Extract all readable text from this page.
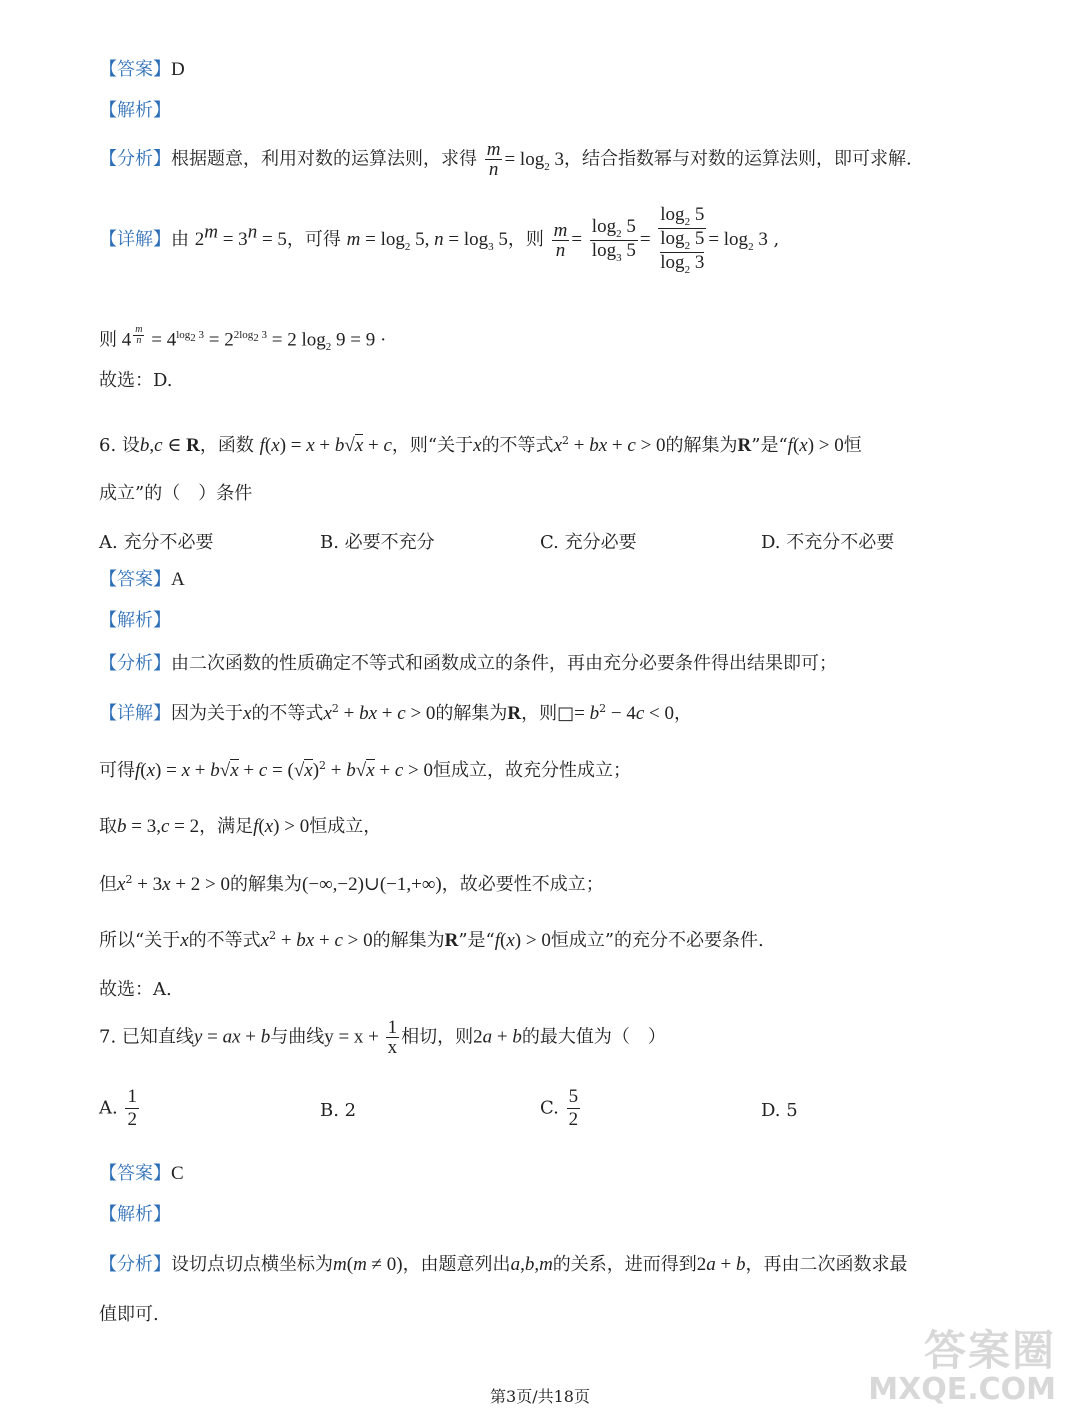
【答案】D
【解析】
【分析】根据题意，利用对数的运算法则，求得 $\frac{m}{n} = \log_2 3$，结合指数幂与对数的运算法则，即可求解.
【详解】由 $2^m = 3^n = 5$，可得 $m = \log_2 5$, $n = \log_3 5$，则 $\frac{m}{n} = \frac{\log_2 5}{\log_3 5} = \frac{\log_2 5}{\frac{\log_2 5}{\log_2 3}} = \log_2 3$ ,
则 4 $^{\frac{m}{n}} = 4^{log_2 3} = 2^{2log_2 3} = 2$ $\log_2 9 = 9$ ·
故选：D.
6. 设b,c ∈ R，函数 f(x) = x + b√x + c，则“关于x的不等式$x^2$ + bx + c > 0的解集为R”是“f(x) > 0恒
成立”的（　）条件
A. 充分不必要	B. 必要不充分	C. 充分必要	D. 不充分不必要
【答案】A
【解析】
【分析】由二次函数的性质确定不等式和函数成立的条件，再由充分必要条件得出结果即可；
【详解】因为关于x的不等式$x^2$ + bx + c > 0的解集为R，则□= $b^2 - 4c < 0$，
可得$f(x) = x + b√x + c = (√x)^2 + b√x + c > 0$恒成立，故充分性成立；
取b = 3,c = 2，满足f(x) > 0恒成立，
但$x^2 + 3x + 2 > 0$的解集为(−∞,−2)∪(−1,+∞)，故必要性不成立；
所以“关于x的不等式$x^2$ + bx + c > 0的解集为R”是“f(x) > 0恒成立”的充分不必要条件.
故选：A.
7. 已知直线y = ax + b与曲线$y = x + \frac{1}{x}$ 相切，则2a + b的最大值为（　）
A. $\frac{1}{2}$	B. 2	C. $\frac{5}{2}$	D. 5
【答案】C
【解析】
【分析】设切点切点横坐标为m(m ≠ 0)，由题意列出a,b,m的关系，进而得到2a + b，再由二次函数求最
值即可.
第3页/共18页
答案圈
MXQE.COM
